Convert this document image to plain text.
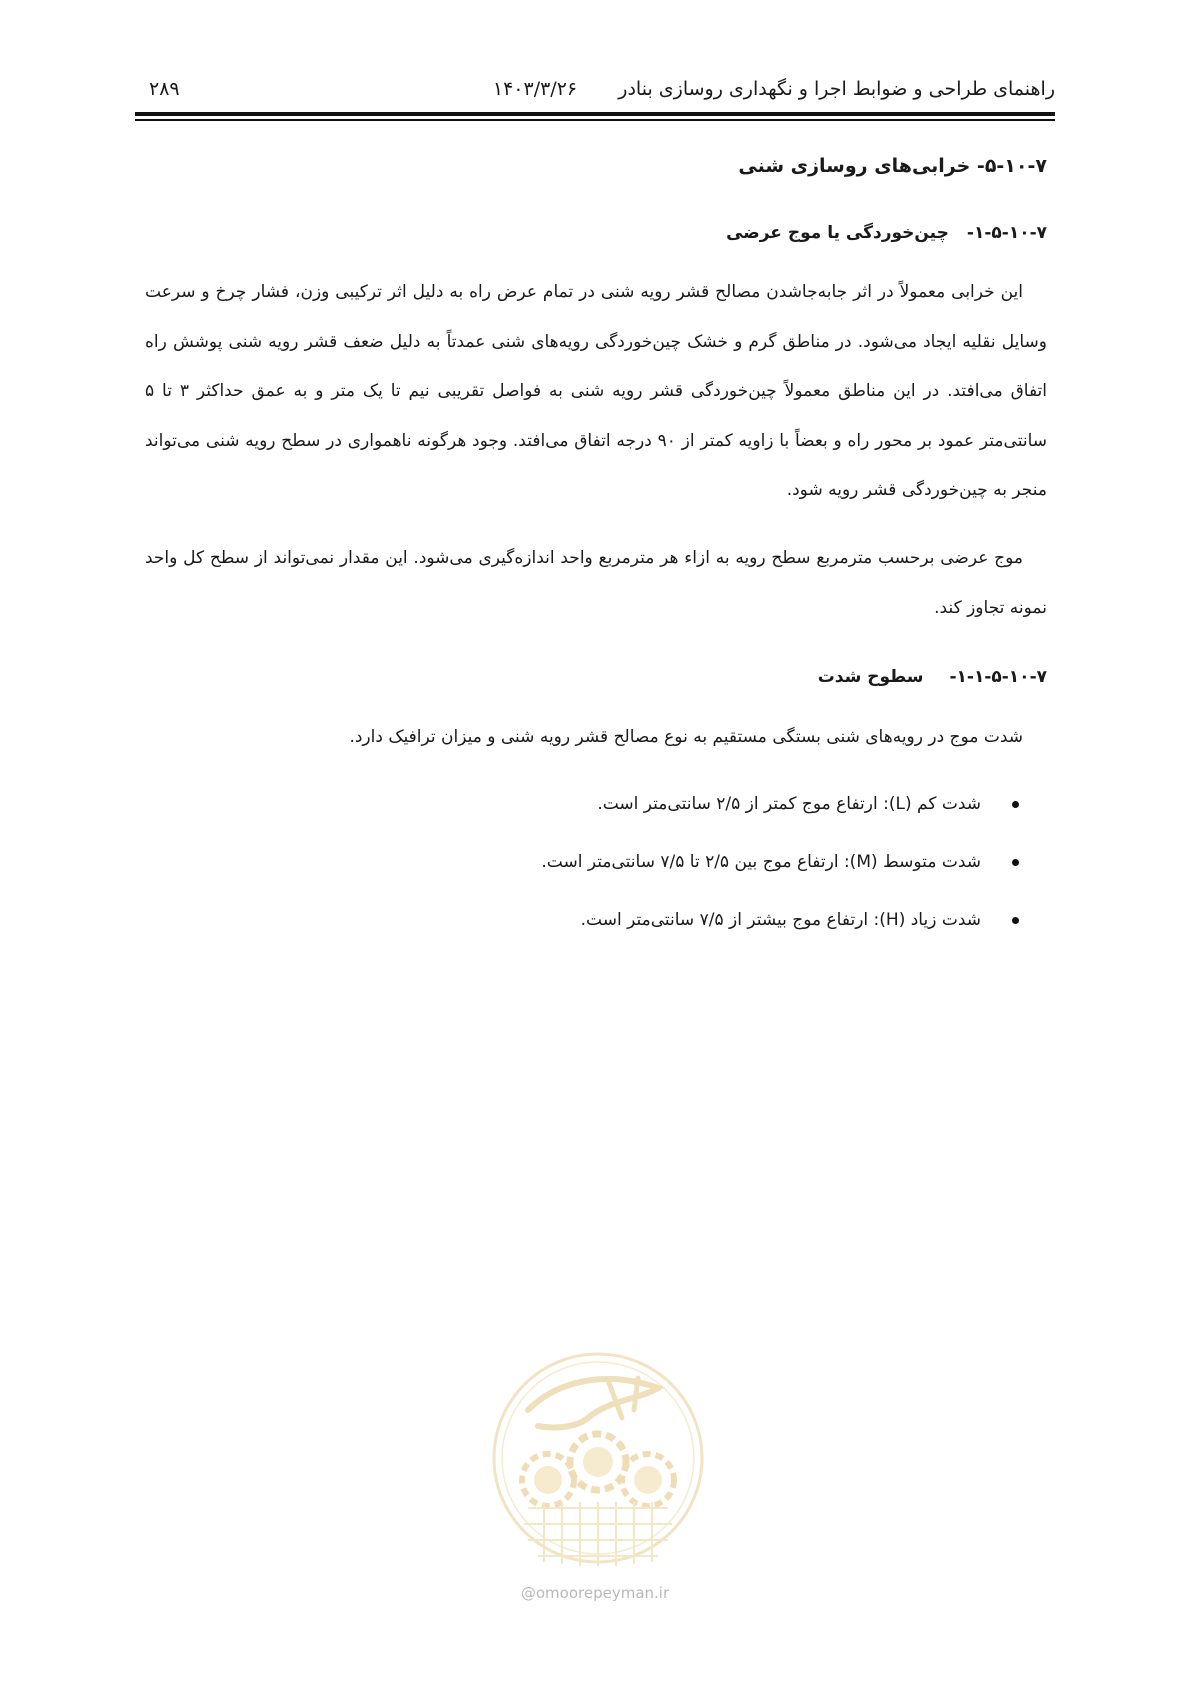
راهنمای طراحی و ضوابط اجرا و نگهداری روسازی بنادر
۱۴۰۳/۳/۲۶
۲۸۹
۵-۱۰-۷- خرابی‌های روسازی شنی
۱-۵-۱۰-۷-چین‌خوردگی یا موج عرضی
این خرابی معمولاً در اثر جابه‌جاشدن مصالح قشر رویه شنی در تمام عرض راه به دلیل اثر ترکیبی وزن، فشار چرخ و سرعت وسایل نقلیه ایجاد می‌شود. در مناطق گرم و خشک چین‌خوردگی رویه‌های شنی عمدتاً به دلیل ضعف قشر رویه شنی پوشش راه اتفاق می‌افتد. در این مناطق معمولاً چین‌خوردگی قشر رویه شنی به فواصل تقریبی نیم تا یک متر و به عمق حداکثر ۳ تا ۵ سانتی‌متر عمود بر محور راه و بعضاً با زاویه کمتر از ۹۰ درجه اتفاق می‌افتد. وجود هرگونه ناهمواری در سطح رویه شنی می‌تواند منجر به چین‌خوردگی قشر رویه شود.
موج عرضی برحسب مترمربع سطح رویه به ازاء هر مترمربع واحد اندازه‌گیری می‌شود. این مقدار نمی‌تواند از سطح کل واحد نمونه تجاوز کند.
۱-۱-۵-۱۰-۷-سطوح شدت
شدت موج در رویه‌های شنی بستگی مستقیم به نوع مصالح قشر رویه شنی و میزان ترافیک دارد.
شدت کم (L): ارتفاع موج کمتر از ۲/۵ سانتی‌متر است.
شدت متوسط (M): ارتفاع موج بین ۲/۵ تا ۷/۵ سانتی‌متر است.
شدت زیاد (H): ارتفاع موج بیشتر از ۷/۵ سانتی‌متر است.
@omoorepeyman.ir
